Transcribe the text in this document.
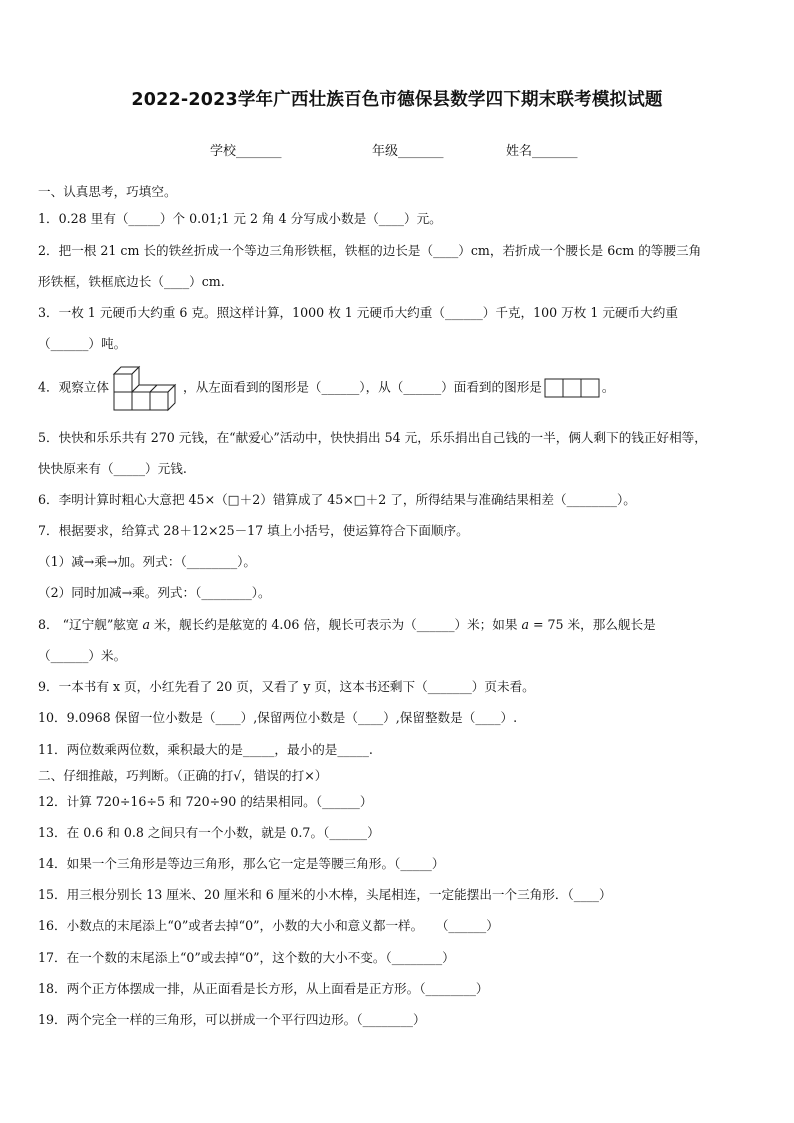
2022-2023学年广西壮族百色市德保县数学四下期末联考模拟试题
学校_______	年级_______	姓名_______
一、认真思考，巧填空。
1．0.28 里有（_____）个 0.01;1 元 2 角 4 分写成小数是（____）元。
2．把一根 21 cm 长的铁丝折成一个等边三角形铁框，铁框的边长是（____）cm，若折成一个腰长是 6cm 的等腰三角
形铁框，铁框底边长（____）cm.
3．一枚 1 元硬币大约重 6 克。照这样计算，1000 枚 1 元硬币大约重（______）千克，100 万枚 1 元硬币大约重
（______）吨。
4．观察立体	，从左面看到的图形是（______），从（______）面看到的图形是	。
5．快快和乐乐共有 270 元钱，在“献爱心”活动中，快快捐出 54 元，乐乐捐出自己钱的一半，俩人剩下的钱正好相等，
快快原来有（_____）元钱.
6．李明计算时粗心大意把 45×（□＋2）错算成了 45×□＋2 了，所得结果与准确结果相差（________）。
7．根据要求，给算式 28＋12×25－17 填上小括号，使运算符合下面顺序。
（1）减→乘→加。列式：（________）。
（2）同时加减→乘。列式：（________）。
8． “辽宁舰”舷宽 𝑎 米，舰长约是舷宽的 4.06 倍，舰长可表示为（______）米；如果 𝑎 = 75 米，那么舰长是
（______）米。
9．一本书有 x 页，小红先看了 20 页，又看了 y 页，这本书还剩下（_______）页未看。
10．9.0968 保留一位小数是（____）,保留两位小数是（____）,保留整数是（____）.
11．两位数乘两位数，乘积最大的是_____，最小的是_____.
二、仔细推敲，巧判断。（正确的打√，错误的打×）
12．计算 720÷16÷5 和 720÷90 的结果相同。（______）
13．在 0.6 和 0.8 之间只有一个小数，就是 0.7。（______）
14．如果一个三角形是等边三角形，那么它一定是等腰三角形。（_____）
15．用三根分别长 13 厘米、20 厘米和 6 厘米的小木棒，头尾相连，一定能摆出一个三角形．（____）
16．小数点的末尾添上“0”或者去掉“0”，小数的大小和意义都一样。　　（______）
17．在一个数的末尾添上“0”或去掉“0”，这个数的大小不变。（________）
18．两个正方体摆成一排，从正面看是长方形，从上面看是正方形。（________）
19．两个完全一样的三角形，可以拼成一个平行四边形。（________）
